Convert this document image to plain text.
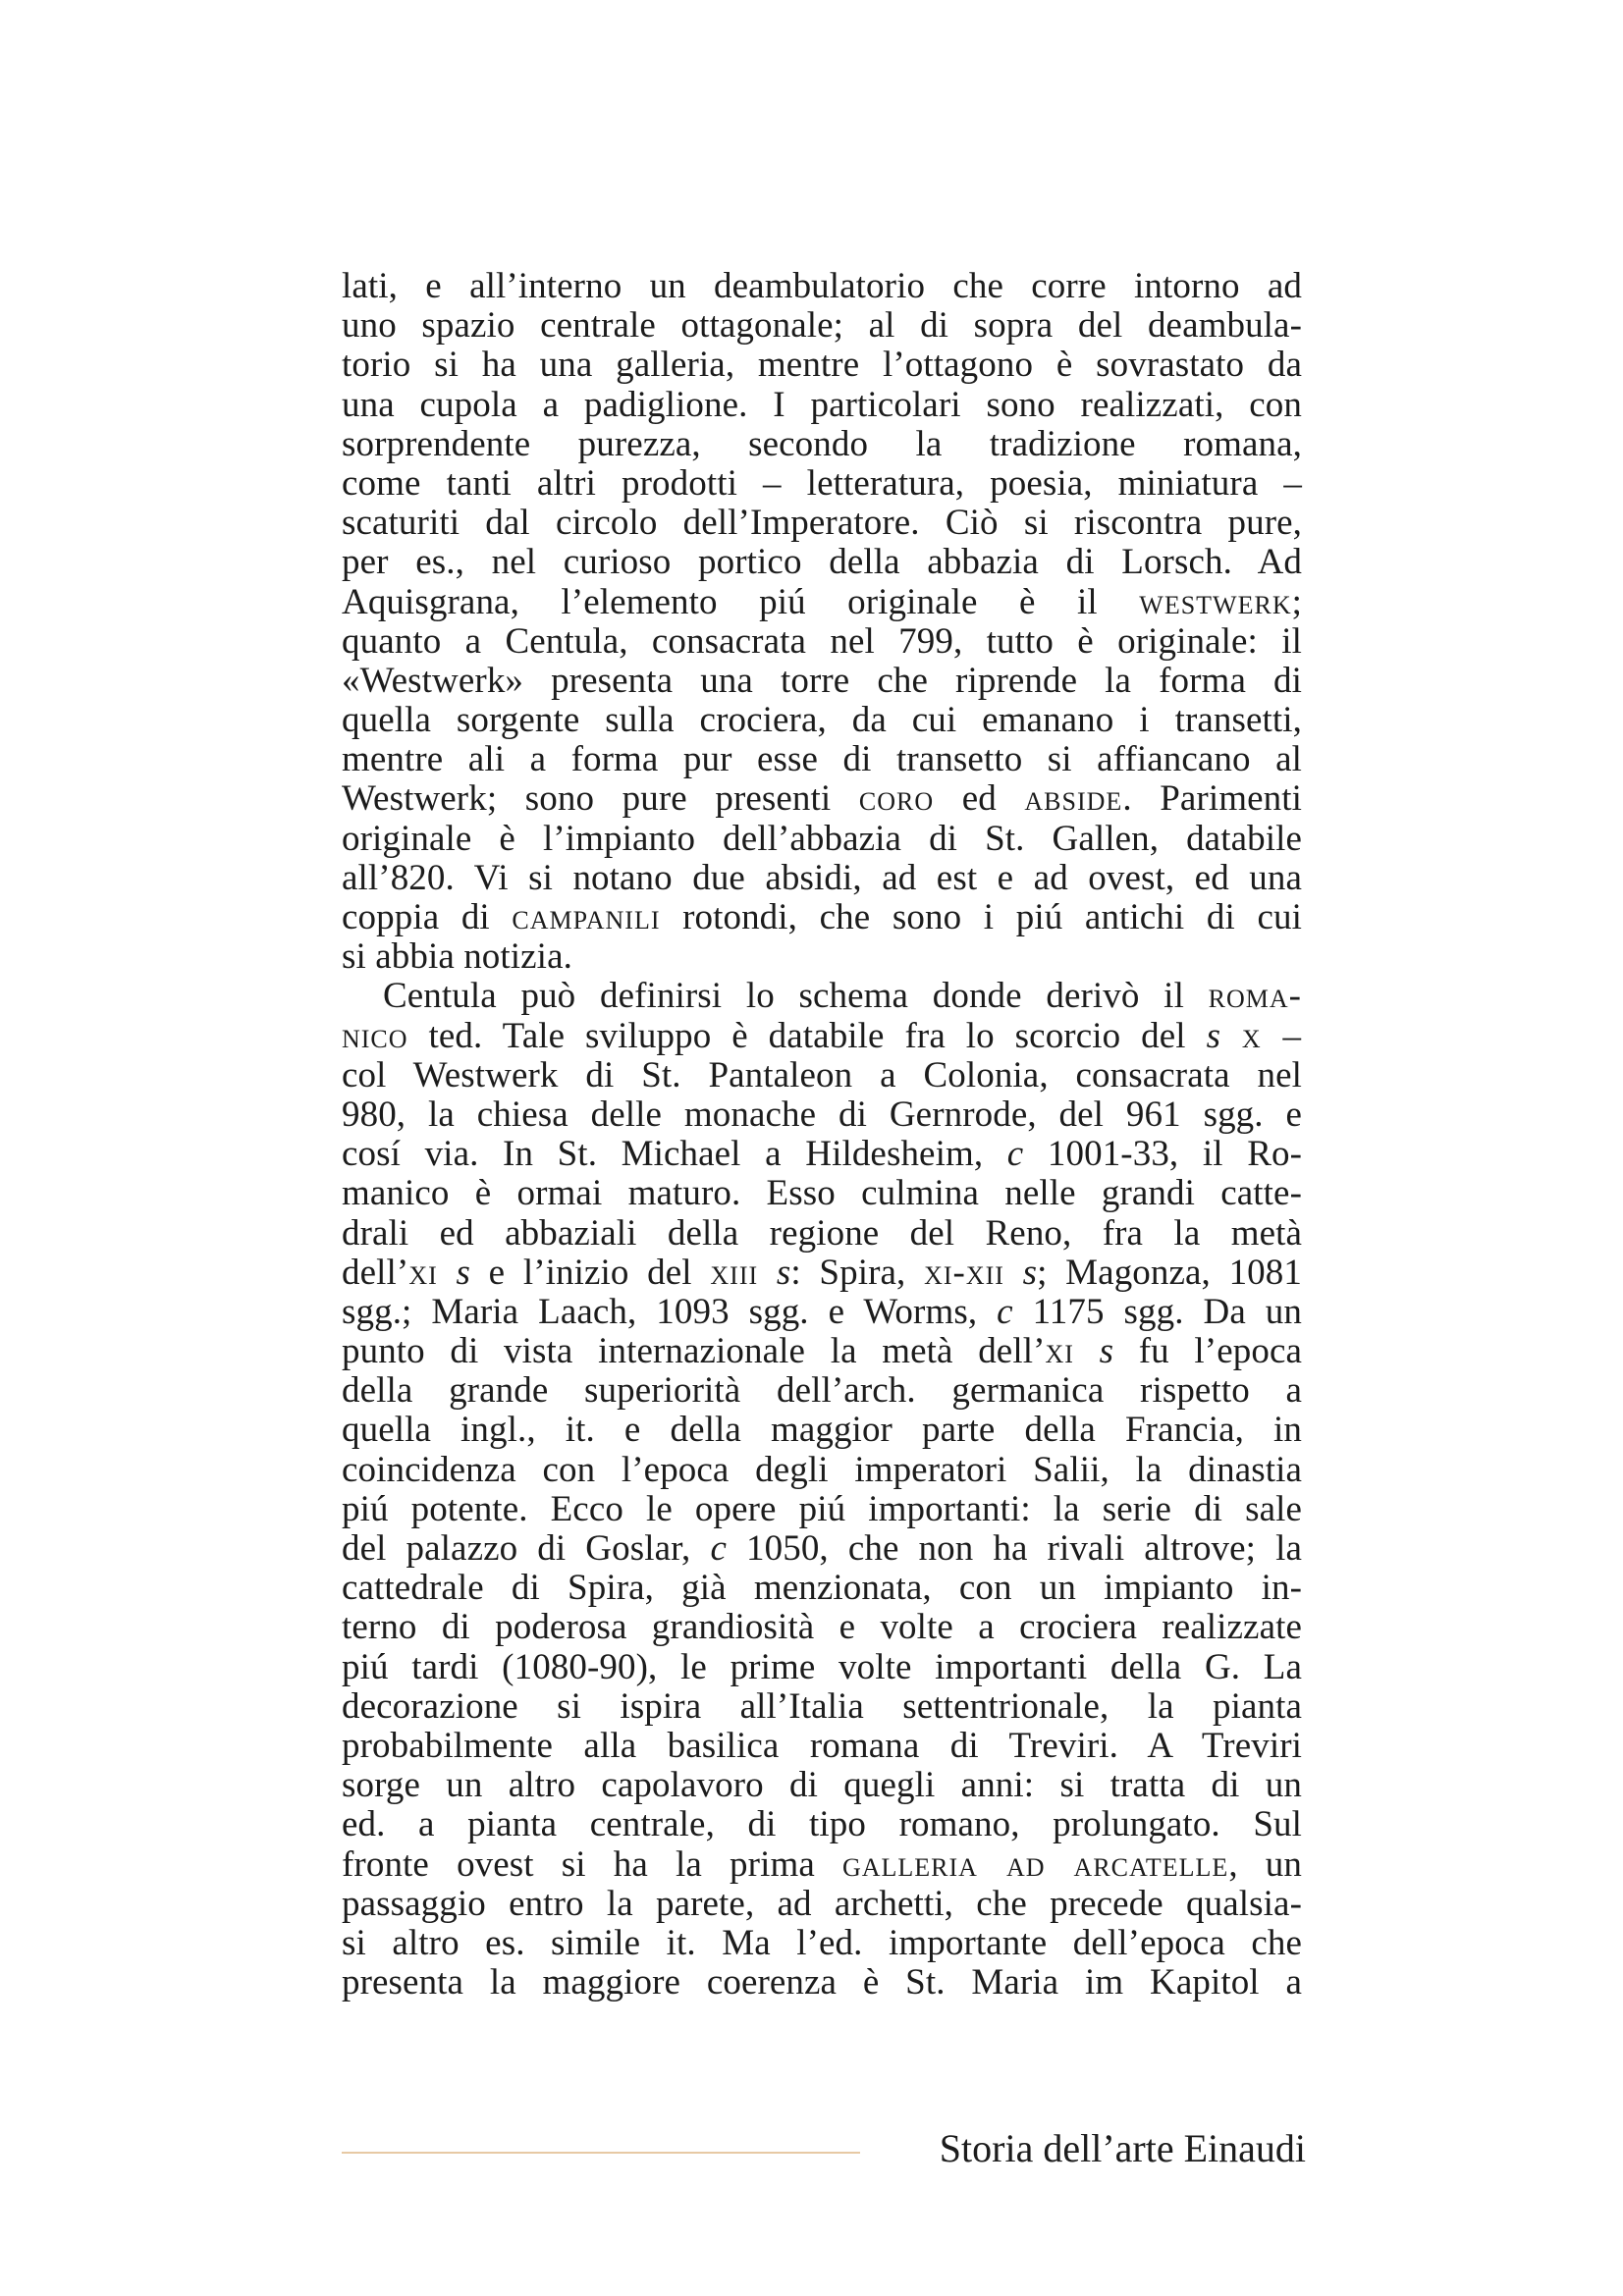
lati, e all’interno un deambulatorio che corre intorno ad
uno spazio centrale ottagonale; al di sopra del deambula-
torio si ha una galleria, mentre l’ottagono è sovrastato da
una cupola a padiglione. I particolari sono realizzati, con
sorprendente purezza, secondo la tradizione romana,
come tanti altri prodotti – letteratura, poesia, miniatura –
scaturiti dal circolo dell’Imperatore. Ciò si riscontra pure,
per es., nel curioso portico della abbazia di Lorsch. Ad
Aquisgrana, l’elemento piú originale è il westwerk;
quanto a Centula, consacrata nel 799, tutto è originale: il
«Westwerk» presenta una torre che riprende la forma di
quella sorgente sulla crociera, da cui emanano i transetti,
mentre ali a forma pur esse di transetto si affiancano al
Westwerk; sono pure presenti coro ed abside. Parimenti
originale è l’impianto dell’abbazia di St. Gallen, databile
all’820. Vi si notano due absidi, ad est e ad ovest, ed una
coppia di campanili rotondi, che sono i piú antichi di cui
si abbia notizia.
Centula può definirsi lo schema donde derivò il roma-
nico ted. Tale sviluppo è databile fra lo scorcio del s x –
col Westwerk di St. Pantaleon a Colonia, consacrata nel
980, la chiesa delle monache di Gernrode, del 961 sgg. e
cosí via. In St. Michael a Hildesheim, c 1001-33, il Ro-
manico è ormai maturo. Esso culmina nelle grandi catte-
drali ed abbaziali della regione del Reno, fra la metà
dell’xi s e l’inizio del xiii s: Spira, xi-xii s; Magonza, 1081
sgg.; Maria Laach, 1093 sgg. e Worms, c 1175 sgg. Da un
punto di vista internazionale la metà dell’xi s fu l’epoca
della grande superiorità dell’arch. germanica rispetto a
quella ingl., it. e della maggior parte della Francia, in
coincidenza con l’epoca degli imperatori Salii, la dinastia
piú potente. Ecco le opere piú importanti: la serie di sale
del palazzo di Goslar, c 1050, che non ha rivali altrove; la
cattedrale di Spira, già menzionata, con un impianto in-
terno di poderosa grandiosità e volte a crociera realizzate
piú tardi (1080-90), le prime volte importanti della G. La
decorazione si ispira all’Italia settentrionale, la pianta
probabilmente alla basilica romana di Treviri. A Treviri
sorge un altro capolavoro di quegli anni: si tratta di un
ed. a pianta centrale, di tipo romano, prolungato. Sul
fronte ovest si ha la prima galleria ad arcatelle, un
passaggio entro la parete, ad archetti, che precede qualsia-
si altro es. simile it. Ma l’ed. importante dell’epoca che
presenta la maggiore coerenza è St. Maria im Kapitol a
Storia dell’arte Einaudi
